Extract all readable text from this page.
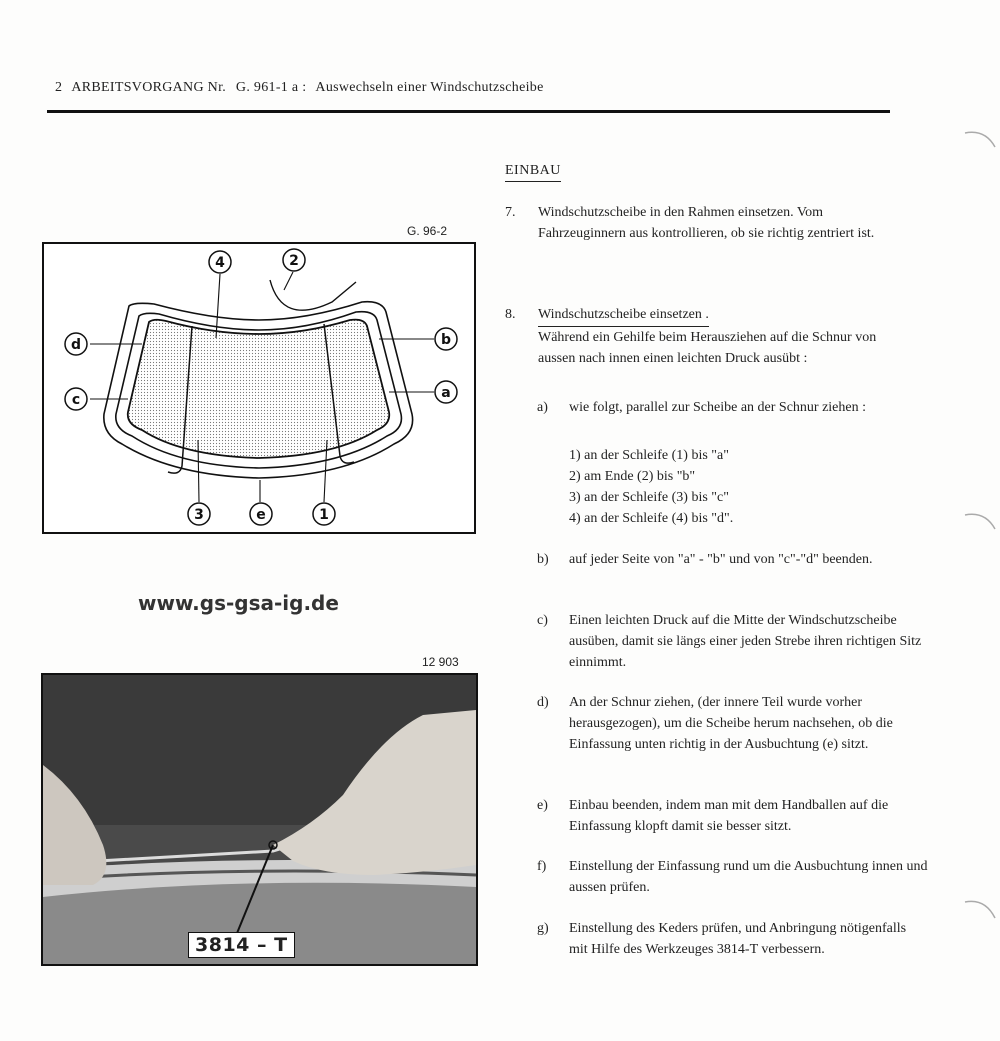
2 ARBEITSVORGANG Nr. G. 961-1 a : Auswechseln einer Windschutzscheibe
EINBAU
7. Windschutzscheibe in den Rahmen einsetzen. Vom Fahrzeuginnern aus kontrollieren, ob sie richtig zentriert ist.
8. Windschutzscheibe einsetzen .
Während ein Gehilfe beim Herausziehen auf die Schnur von aussen nach innen einen leichten Druck ausübt :
a) wie folgt, parallel zur Scheibe an der Schnur ziehen :
1) an der Schleife (1) bis "a"
2) am Ende (2) bis "b"
3) an der Schleife (3) bis "c"
4) an der Schleife (4) bis "d".
b) auf jeder Seite von "a" - "b" und von "c"-"d" beenden.
c) Einen leichten Druck auf die Mitte der Windschutzscheibe ausüben, damit sie längs einer jeden Strebe ihren richtigen Sitz einnimmt.
d) An der Schnur ziehen, (der innere Teil wurde vorher herausgezogen), um die Scheibe herum nachsehen, ob die Einfassung unten richtig in der Ausbuchtung (e) sitzt.
e) Einbau beenden, indem man mit dem Handballen auf die Einfassung klopft damit sie besser sitzt.
f) Einstellung der Einfassung rund um die Ausbuchtung innen und aussen prüfen.
g) Einstellung des Keders prüfen, und Anbringung nötigenfalls mit Hilfe des Werkzeuges 3814-T verbessern.
G. 96-2
4	2
d
c
b
a
3	e	1
www.gs-gsa-ig.de
12 903
3814 – T
